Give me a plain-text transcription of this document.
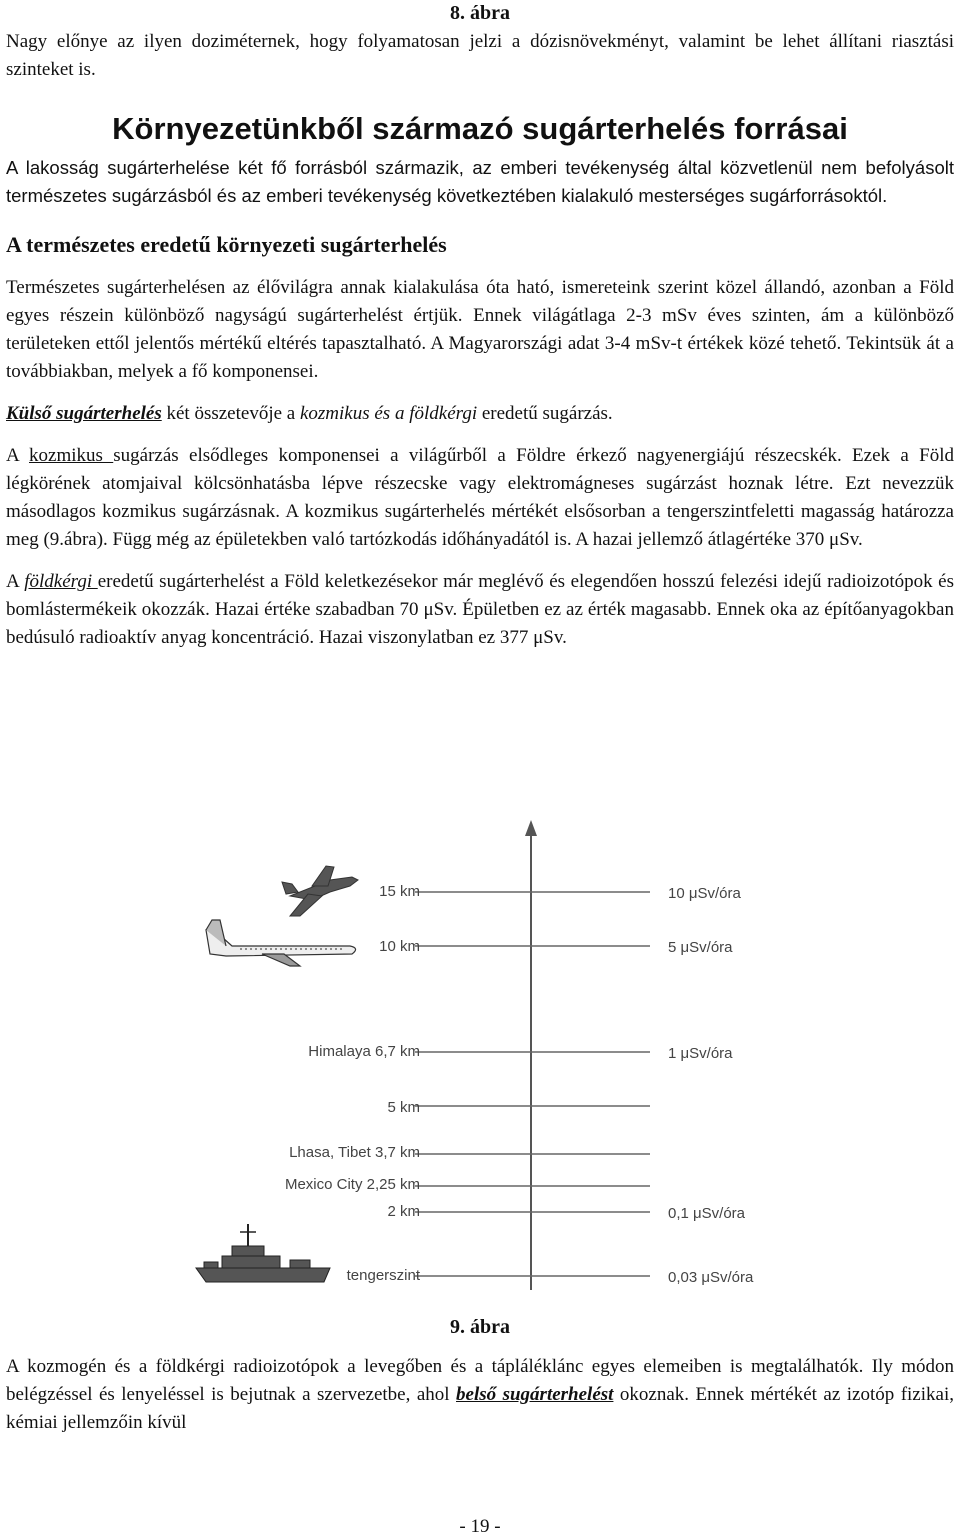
8. ábra

Nagy előnye az ilyen doziméternek, hogy folyamatosan jelzi a dózisnövekményt, valamint be lehet állítani riasztási szinteket is.

Környezetünkből származó sugárterhelés forrásai

A lakosság sugárterhelése két fő forrásból származik, az emberi tevékenység által közvetlenül nem befolyásolt természetes sugárzásból és az emberi tevékenység következtében kialakuló mesterséges sugárforrásoktól.

A természetes eredetű környezeti sugárterhelés

Természetes sugárterhelésen az élővilágra annak kialakulása óta ható, ismereteink szerint közel állandó, azonban a Föld egyes részein különböző nagyságú sugárterhelést értjük. Ennek világátlaga 2-3 mSv éves szinten, ám a különböző területeken ettől jelentős mértékű eltérés tapasztalható. A Magyarországi adat 3-4 mSv-t értékek közé tehető. Tekintsük át a továbbiakban, melyek a fő komponensei.

Külső sugárterhelés két összetevője a kozmikus és a földkérgi eredetű sugárzás.

A kozmikus sugárzás elsődleges komponensei a világűrből a Földre érkező nagyenergiájú részecskék. Ezek a Föld légkörének atomjaival kölcsönhatásba lépve részecske vagy elektromágneses sugárzást hoznak létre. Ezt nevezzük másodlagos kozmikus sugárzásnak. A kozmikus sugárterhelés mértékét elsősorban a tengerszintfeletti magasság határozza meg (9.ábra). Függ még az épületekben való tartózkodás időhányadától is. A hazai jellemző átlagértéke 370 μSv.

A földkérgi eredetű sugárterhelést a Föld keletkezésekor már meglévő és elegendően hosszú felezési idejű radioizotópok és bomlástermékeik okozzák. Hazai értéke szabadban 70 μSv. Épületben ez az érték magasabb. Ennek oka az építőanyagokban bedúsuló radioaktív anyag koncentráció. Hazai viszonylatban ez 377 μSv.

15 km
10 km
Himalaya 6,7 km
5 km
Lhasa, Tibet 3,7 km
Mexico City 2,25 km
2 km
tengerszint
10 μSv/óra
5 μSv/óra
1 μSv/óra
0,1 μSv/óra
0,03 μSv/óra
9. ábra

A kozmogén és a földkérgi radioizotópok a levegőben és a tápláléklánc egyes elemeiben is megtalálhatók. Ily módon belégzéssel és lenyeléssel is bejutnak a szervezetbe, ahol belső sugárterhelést okoznak. Ennek mértékét az izotóp fizikai, kémiai jellemzőin kívül

- 19 -
